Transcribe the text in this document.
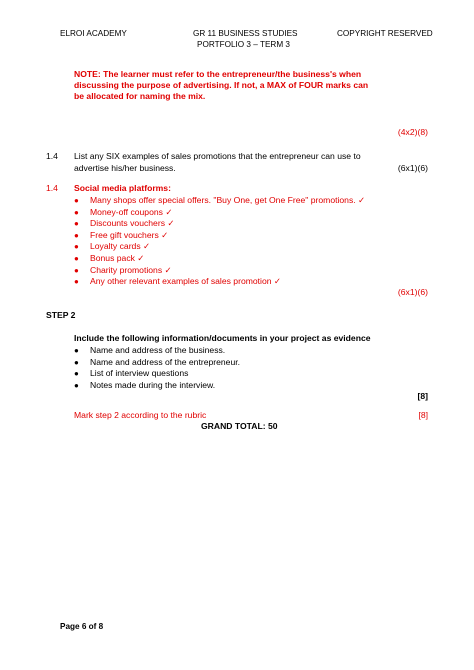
ELROI ACADEMY	GR 11 BUSINESS STUDIES
PORTFOLIO 3 – TERM 3
COPYRIGHT RESERVED
NOTE: The learner must refer to the entrepreneur/the business's when
discussing the purpose of advertising. If not, a MAX of FOUR marks can
be allocated for naming the mix.
(4x2)(8)
1.4 List any SIX examples of sales promotions that the entrepreneur can use to
advertise his/her business.	(6x1)(6)
1.4 Social media platforms:
● Many shops offer special offers. "Buy One, get One Free" promotions. ✓
● Money-off coupons ✓
● Discounts vouchers ✓
● Free gift vouchers ✓
● Loyalty cards ✓
● Bonus pack ✓
● Charity promotions ✓
● Any other relevant examples of sales promotion ✓
(6x1)(6)
STEP 2
Include the following information/documents in your project as evidence
● Name and address of the business.
● Name and address of the entrepreneur.
● List of interview questions
● Notes made during the interview.
[8]
Mark step 2 according to the rubric	[8]
GRAND TOTAL: 50
Page 6 of 8
